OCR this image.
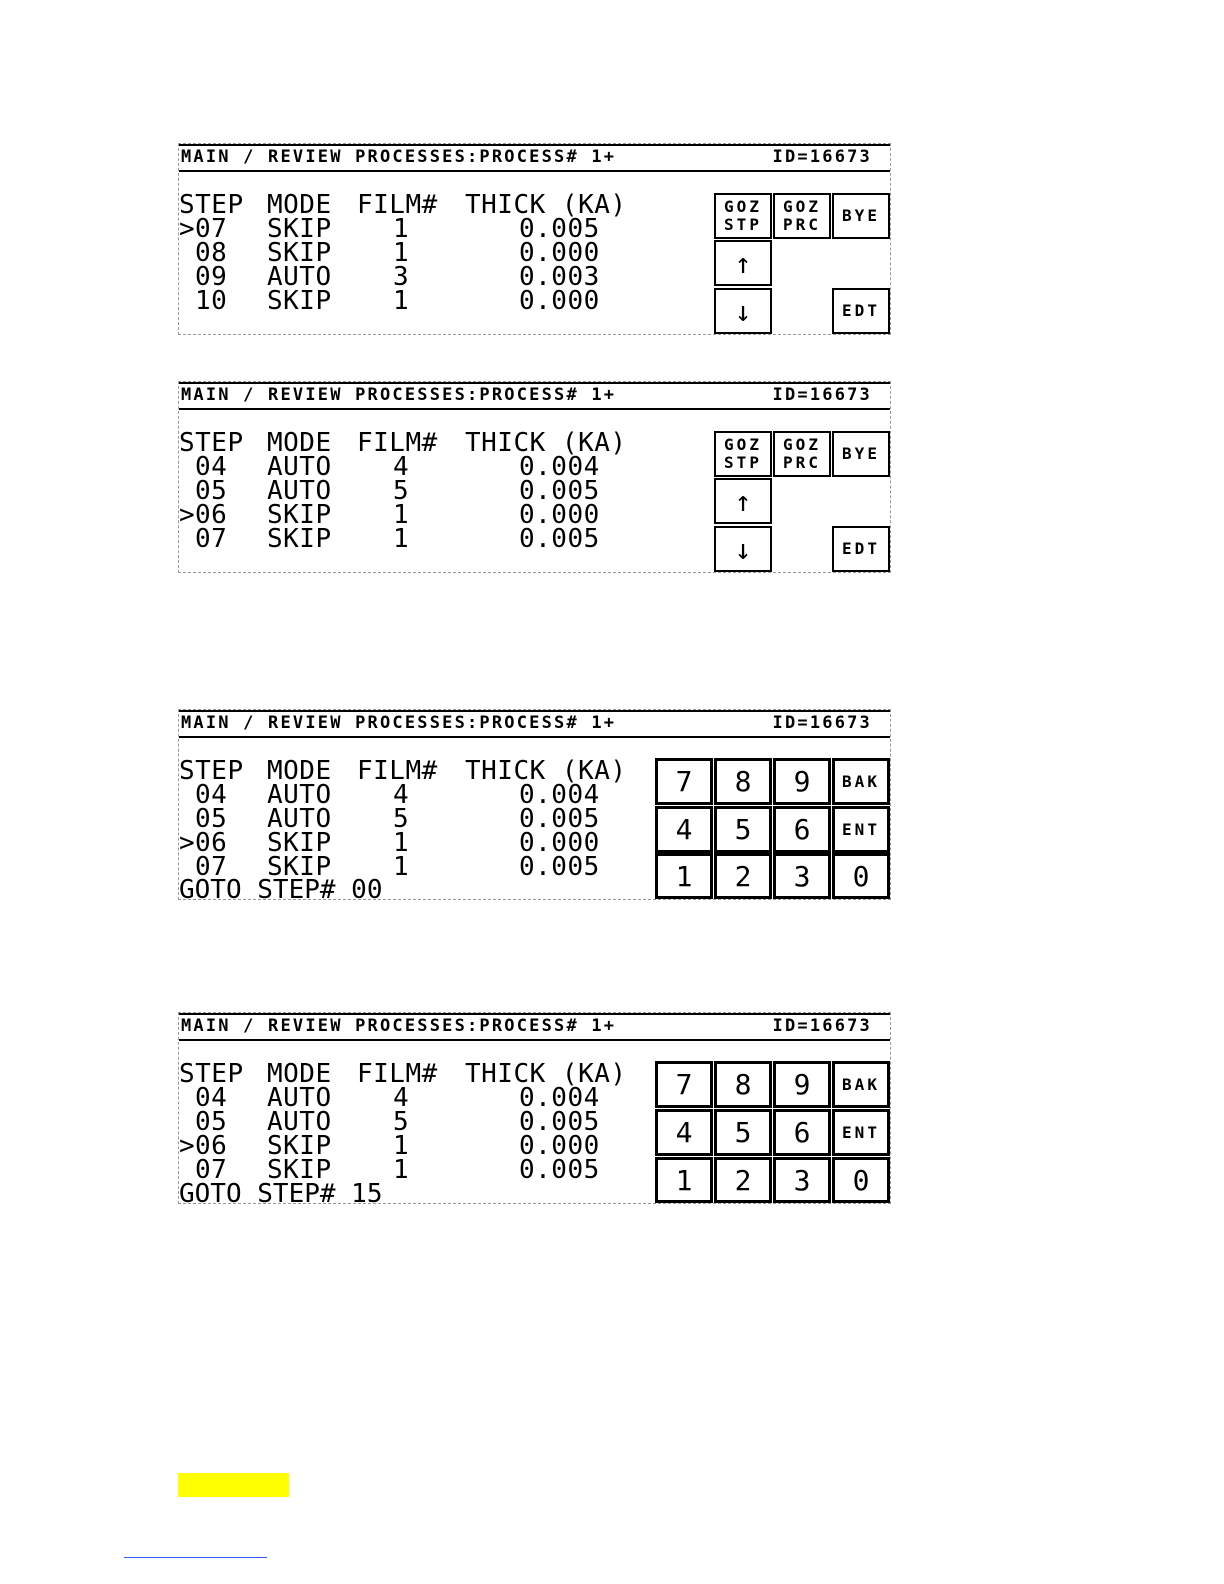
MAIN / REVIEW PROCESSES:PROCESS# 1+	ID=16673
STEP MODE FILM#	THICK (KA)
>07	SKIP	1	0.005
08	SKIP	1	0.000
09	AUTO	3	0.003
10	SKIP	1	0.000
GOZ
STP
GOZ
PRC BYE
↑
↓	EDT
MAIN / REVIEW PROCESSES:PROCESS# 1+	ID=16673
STEP MODE FILM#	THICK (KA)
04	AUTO	4	0.004
05	AUTO	5	0.005
>06	SKIP	1	0.000
07	SKIP	1	0.005
GOZ
STP
GOZ
PRC BYE
↑
↓	EDT
MAIN / REVIEW PROCESSES:PROCESS# 1+	ID=16673
STEP MODE FILM#	THICK (KA)
04	AUTO	4	0.004
05	AUTO	5	0.005
>06	SKIP	1	0.000
07	SKIP	1	0.005
GOTO STEP# 00
7 8 9 BAK
4 5 6 ENT
1 2 3 0
MAIN / REVIEW PROCESSES:PROCESS# 1+	ID=16673
STEP MODE FILM#	THICK (KA)
04	AUTO	4	0.004
05	AUTO	5	0.005
>06	SKIP	1	0.000
07	SKIP	1	0.005
GOTO STEP# 15
7 8 9 BAK
4 5 6 ENT
1 2 3 0
